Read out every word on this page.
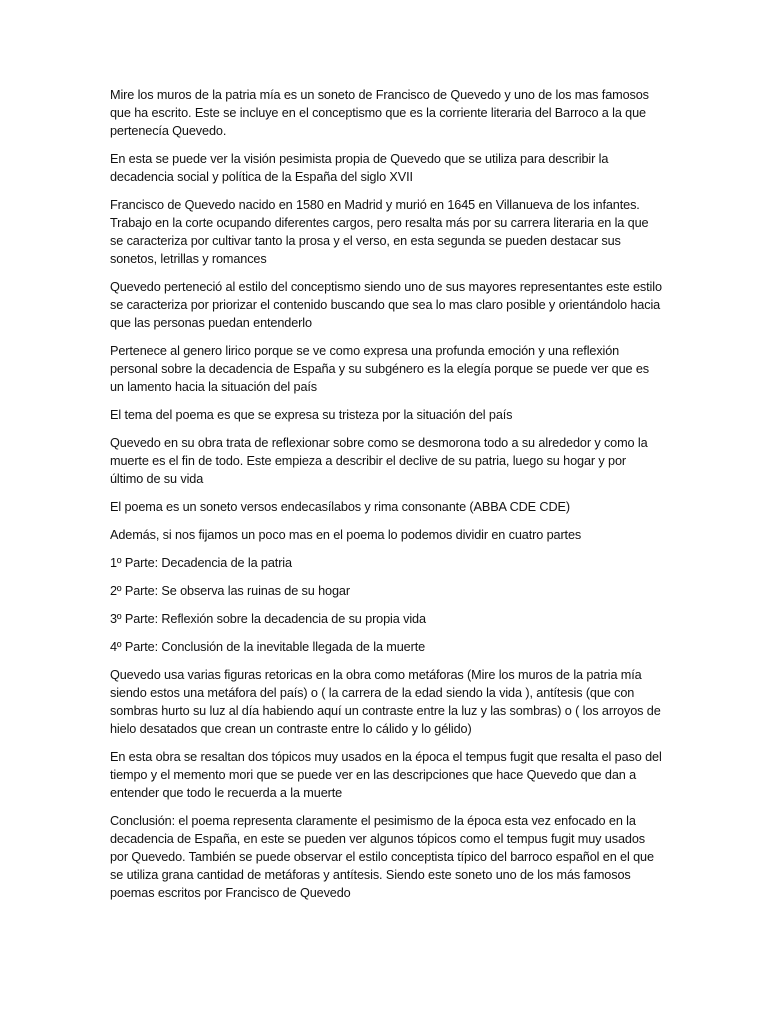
Mire los muros de la patria mía es un soneto de Francisco de Quevedo y uno de los mas famosos que ha escrito. Este se incluye en el conceptismo que es la corriente literaria del Barroco a la que pertenecía Quevedo.

En esta se puede ver la visión pesimista propia de Quevedo que se utiliza para describir la decadencia social y política de la España del siglo XVII

Francisco de Quevedo nacido en 1580 en Madrid y murió en 1645 en Villanueva de los infantes. Trabajo en la corte ocupando diferentes cargos, pero resalta más por su carrera literaria en la que se caracteriza por cultivar tanto la prosa y el verso, en esta segunda se pueden destacar sus sonetos, letrillas y romances

Quevedo perteneció al estilo del conceptismo siendo uno de sus mayores representantes este estilo se caracteriza por priorizar el contenido buscando que sea lo mas claro posible y orientándolo hacia que las personas puedan entenderlo

Pertenece al genero lirico porque se ve como expresa una profunda emoción y una reflexión personal sobre la decadencia de España y su subgénero es la elegía porque se puede ver que es un lamento hacia la situación del país

El tema del poema es que se expresa su tristeza por la situación del país

Quevedo en su obra trata de reflexionar sobre como se desmorona todo a su alrededor y como la muerte es el fin de todo. Este empieza a describir el declive de su patria, luego su hogar y por último de su vida

El poema es un soneto versos endecasílabos y rima consonante (ABBA CDE CDE)

Además, si nos fijamos un poco mas en el poema lo podemos dividir en cuatro partes

1º Parte: Decadencia de la patria

2º Parte: Se observa las ruinas de su hogar

3º Parte: Reflexión sobre la decadencia de su propia vida

4º Parte: Conclusión de la inevitable llegada de la muerte

Quevedo usa varias figuras retoricas en la obra como metáforas (Mire los muros de la patria mía siendo estos una metáfora del país) o ( la carrera de la edad siendo la vida ), antítesis (que con sombras hurto su luz al día habiendo aquí un contraste entre la luz y las sombras) o ( los arroyos de hielo desatados que crean un contraste entre lo cálido y lo gélido)

En esta obra se resaltan dos tópicos muy usados en la época el tempus fugit que resalta el paso del tiempo y el memento mori que se puede ver en las descripciones que hace Quevedo que dan a entender que todo le recuerda a la muerte

Conclusión: el poema representa claramente el pesimismo de la época esta vez enfocado en la decadencia de España, en este se pueden ver algunos tópicos como el tempus fugit muy usados por Quevedo. También se puede observar el estilo conceptista típico del barroco español en el que se utiliza grana cantidad de metáforas y antítesis. Siendo este soneto uno de los más famosos poemas escritos por Francisco de Quevedo
